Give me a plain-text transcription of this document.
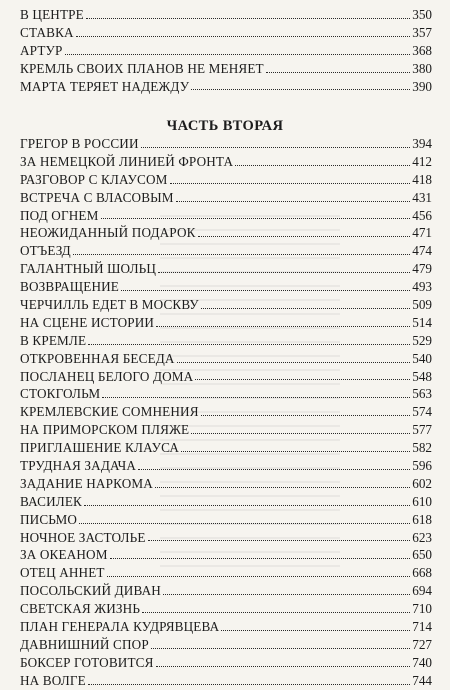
В ЦЕНТРЕ	350
СТАВКА	357
АРТУР	368
КРЕМЛЬ СВОИХ ПЛАНОВ НЕ МЕНЯЕТ	380
МАРТА ТЕРЯЕТ НАДЕЖДУ	390
ЧАСТЬ ВТОРАЯ
ГРЕГОР В РОССИИ	394
ЗА НЕМЕЦКОЙ ЛИНИЕЙ ФРОНТА	412
РАЗГОВОР С КЛАУСОМ	418
ВСТРЕЧА С ВЛАСОВЫМ	431
ПОД ОГНЕМ	456
НЕОЖИДАННЫЙ ПОДАРОК	471
ОТЪЕЗД	474
ГАЛАНТНЫЙ ШОЛЬЦ	479
ВОЗВРАЩЕНИЕ	493
ЧЕРЧИЛЛЬ ЕДЕТ В МОСКВУ	509
НА СЦЕНЕ ИСТОРИИ	514
В КРЕМЛЕ	529
ОТКРОВЕННАЯ БЕСЕДА	540
ПОСЛАНЕЦ БЕЛОГО ДОМА	548
СТОКГОЛЬМ	563
КРЕМЛЕВСКИЕ СОМНЕНИЯ	574
НА ПРИМОРСКОМ ПЛЯЖЕ	577
ПРИГЛАШЕНИЕ КЛАУСА	582
ТРУДНАЯ ЗАДАЧА	596
ЗАДАНИЕ НАРКОМА	602
ВАСИЛЕК	610
ПИСЬМО	618
НОЧНОЕ ЗАСТОЛЬЕ	623
ЗА ОКЕАНОМ	650
ОТЕЦ АННЕТ	668
ПОСОЛЬСКИЙ ДИВАН	694
СВЕТСКАЯ ЖИЗНЬ	710
ПЛАН ГЕНЕРАЛА КУДРЯВЦЕВА	714
ДАВНИШНИЙ СПОР	727
БОКСЕР ГОТОВИТСЯ	740
НА ВОЛГЕ	744
